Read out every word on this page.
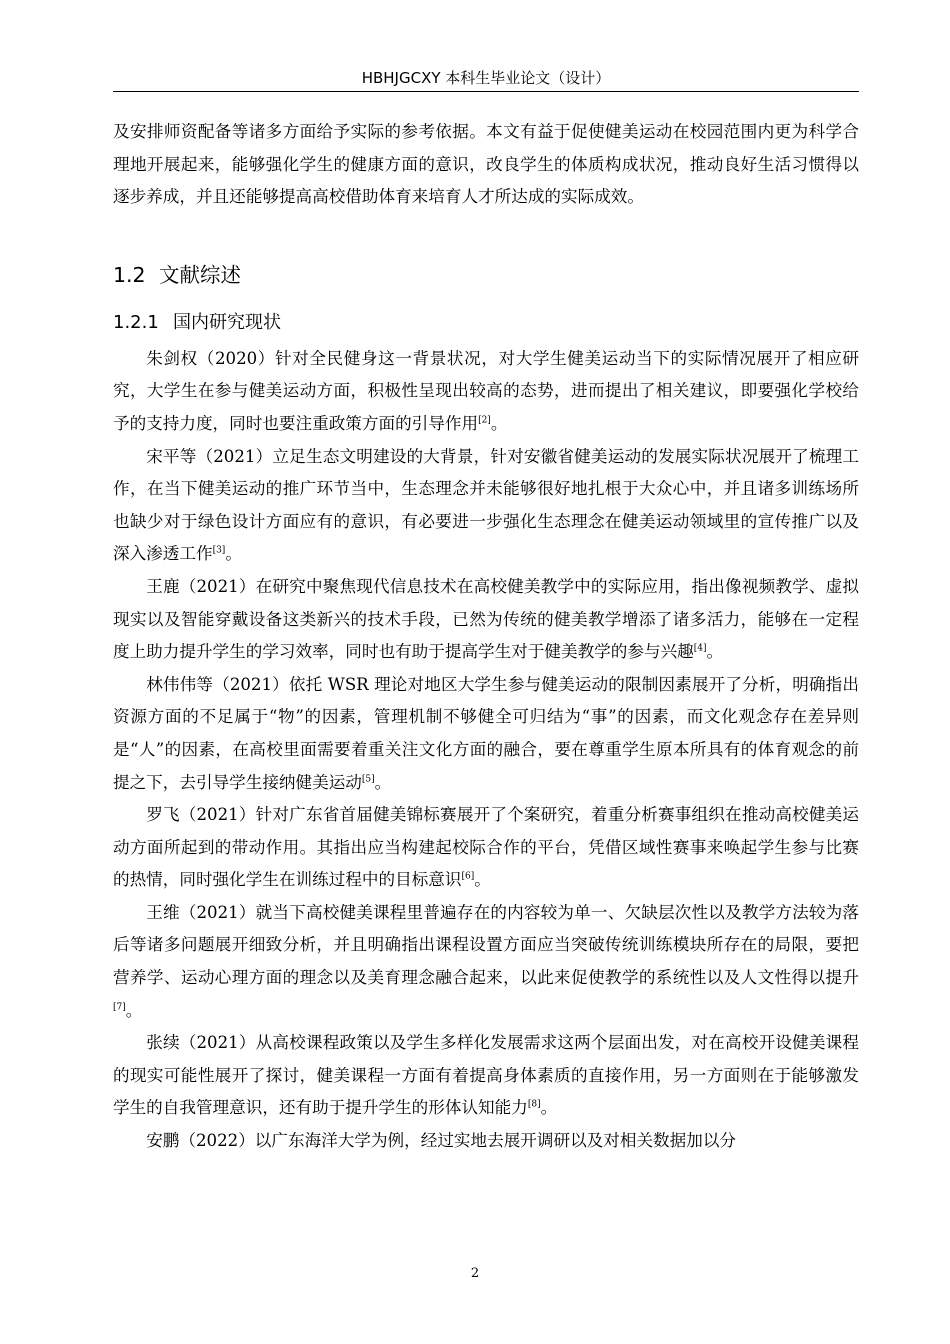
HBHJGCXY 本科生毕业论文（设计）

及安排师资配备等诸多方面给予实际的参考依据。本文有益于促使健美运动在校园范围内更为科学合理地开展起来，能够强化学生的健康方面的意识，改良学生的体质构成状况，推动良好生活习惯得以逐步养成，并且还能够提高高校借助体育来培育人才所达成的实际成效。

1.2 文献综述
1.2.1 国内研究现状

朱剑权（2020）针对全民健身这一背景状况，对大学生健美运动当下的实际情况展开了相应研究，大学生在参与健美运动方面，积极性呈现出较高的态势，进而提出了相关建议，即要强化学校给予的支持力度，同时也要注重政策方面的引导作用[2]。

宋平等（2021）立足生态文明建设的大背景，针对安徽省健美运动的发展实际状况展开了梳理工作，在当下健美运动的推广环节当中，生态理念并未能够很好地扎根于大众心中，并且诸多训练场所也缺少对于绿色设计方面应有的意识，有必要进一步强化生态理念在健美运动领域里的宣传推广以及深入渗透工作[3]。

王鹿（2021）在研究中聚焦现代信息技术在高校健美教学中的实际应用，指出像视频教学、虚拟现实以及智能穿戴设备这类新兴的技术手段，已然为传统的健美教学增添了诸多活力，能够在一定程度上助力提升学生的学习效率，同时也有助于提高学生对于健美教学的参与兴趣[4]。

林伟伟等（2021）依托 WSR 理论对地区大学生参与健美运动的限制因素展开了分析，明确指出资源方面的不足属于“物”的因素，管理机制不够健全可归结为“事”的因素，而文化观念存在差异则是“人”的因素，在高校里面需要着重关注文化方面的融合，要在尊重学生原本所具有的体育观念的前提之下，去引导学生接纳健美运动[5]。

罗飞（2021）针对广东省首届健美锦标赛展开了个案研究，着重分析赛事组织在推动高校健美运动方面所起到的带动作用。其指出应当构建起校际合作的平台，凭借区域性赛事来唤起学生参与比赛的热情，同时强化学生在训练过程中的目标意识[6]。

王维（2021）就当下高校健美课程里普遍存在的内容较为单一、欠缺层次性以及教学方法较为落后等诸多问题展开细致分析，并且明确指出课程设置方面应当突破传统训练模块所存在的局限，要把营养学、运动心理方面的理念以及美育理念融合起来，以此来促使教学的系统性以及人文性得以提升[7]。

张续（2021）从高校课程政策以及学生多样化发展需求这两个层面出发，对在高校开设健美课程的现实可能性展开了探讨，健美课程一方面有着提高身体素质的直接作用，另一方面则在于能够激发学生的自我管理意识，还有助于提升学生的形体认知能力[8]。

安鹏（2022）以广东海洋大学为例，经过实地去展开调研以及对相关数据加以分

2
